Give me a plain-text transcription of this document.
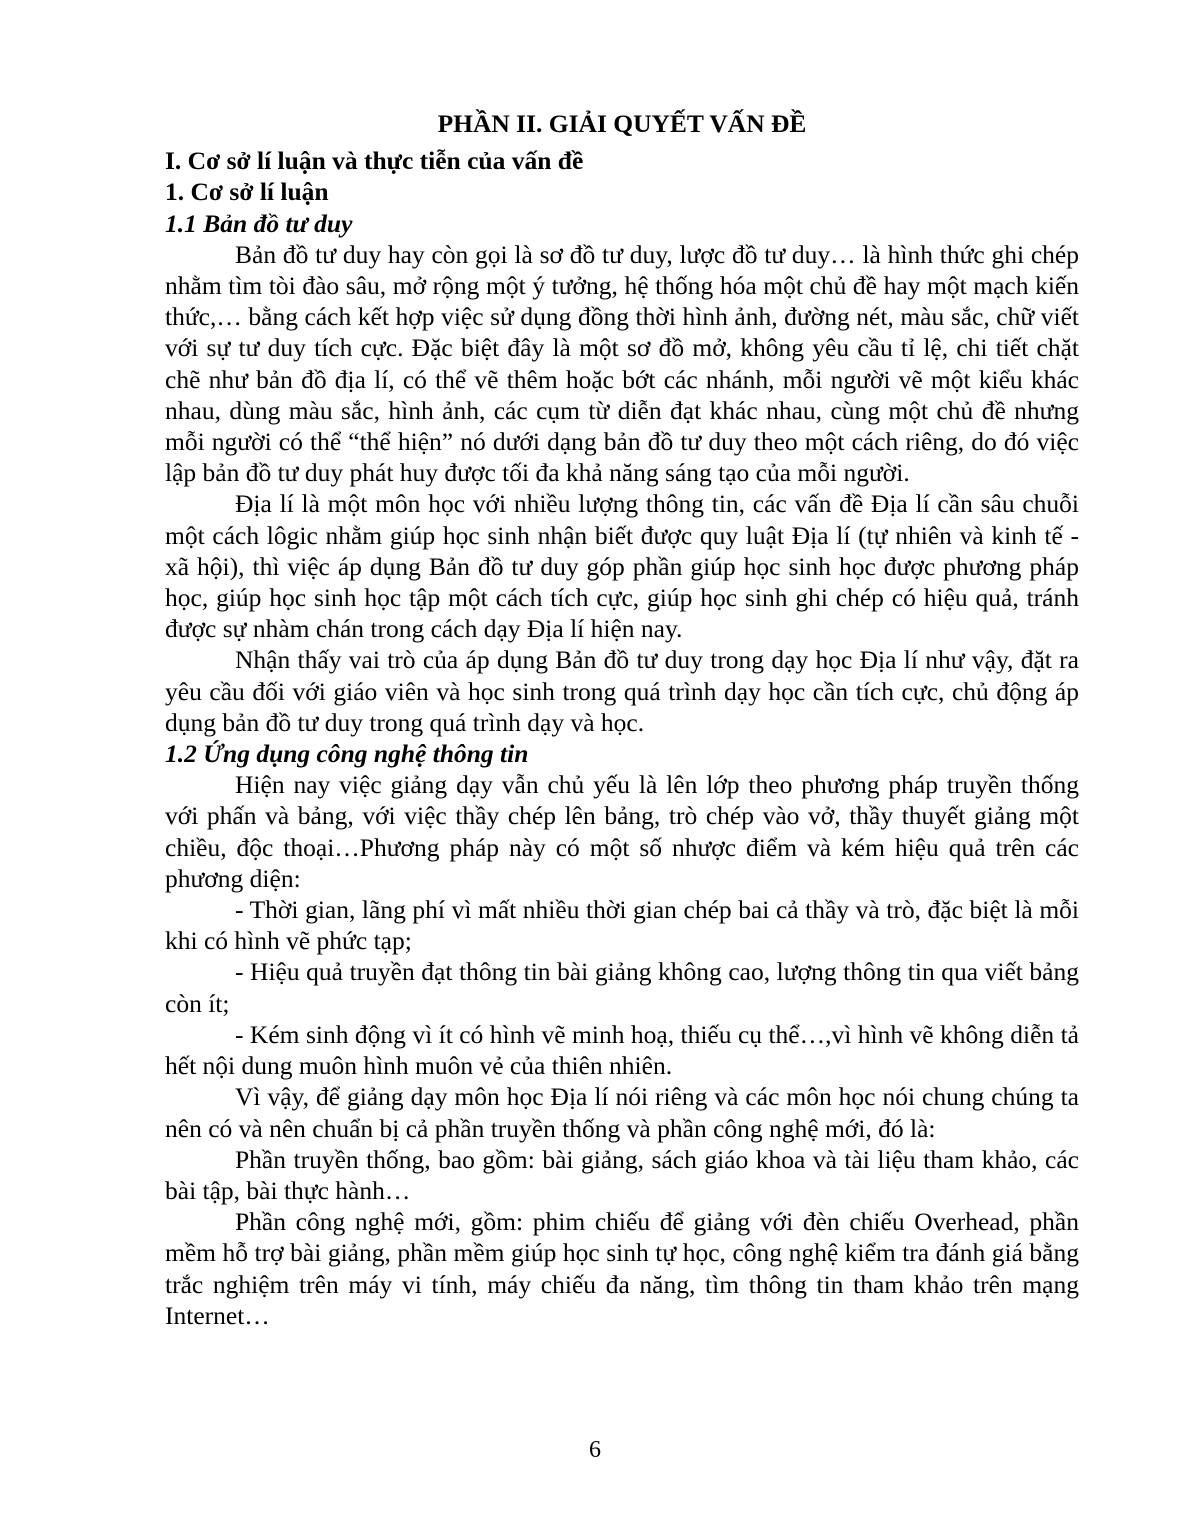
PHẦN II. GIẢI QUYẾT VẤN ĐỀ
I. Cơ sở lí luận và thực tiễn của vấn đề
1. Cơ sở lí luận
1.1 Bản đồ tư duy

Bản đồ tư duy hay còn gọi là sơ đồ tư duy, lược đồ tư duy… là hình thức ghi chép nhằm tìm tòi đào sâu, mở rộng một ý tưởng, hệ thống hóa một chủ đề hay một mạch kiến thức,… bằng cách kết hợp việc sử dụng đồng thời hình ảnh, đường nét, màu sắc, chữ viết với sự tư duy tích cực. Đặc biệt đây là một sơ đồ mở, không yêu cầu tỉ lệ, chi tiết chặt chẽ như bản đồ địa lí, có thể vẽ thêm hoặc bớt các nhánh, mỗi người vẽ một kiểu khác nhau, dùng màu sắc, hình ảnh, các cụm từ diễn đạt khác nhau, cùng một chủ đề nhưng mỗi người có thể “thể hiện” nó dưới dạng bản đồ tư duy theo một cách riêng, do đó việc lập bản đồ tư duy phát huy được tối đa khả năng sáng tạo của mỗi người.

Địa lí là một môn học với nhiều lượng thông tin, các vấn đề Địa lí cần sâu chuỗi một cách lôgic nhằm giúp học sinh nhận biết được quy luật Địa lí (tự nhiên và kinh tế - xã hội), thì việc áp dụng Bản đồ tư duy góp phần giúp học sinh học được phương pháp học, giúp học sinh học tập một cách tích cực, giúp học sinh ghi chép có hiệu quả, tránh được sự nhàm chán trong cách dạy Địa lí hiện nay.

Nhận thấy vai trò của áp dụng Bản đồ tư duy trong dạy học Địa lí như vậy, đặt ra yêu cầu đối với giáo viên và học sinh trong quá trình dạy học cần tích cực, chủ động áp dụng bản đồ tư duy trong quá trình dạy và học.

1.2 Ứng dụng công nghệ thông tin

Hiện nay việc giảng dạy vẫn chủ yếu là lên lớp theo phương pháp truyền thống với phấn và bảng, với việc thầy chép lên bảng, trò chép vào vở, thầy thuyết giảng một chiều, độc thoại…Phương pháp này có một số nhược điểm và kém hiệu quả trên các phương diện:

- Thời gian, lãng phí vì mất nhiều thời gian chép bai cả thầy và trò, đặc biệt là mỗi khi có hình vẽ phức tạp;

- Hiệu quả truyền đạt thông tin bài giảng không cao, lượng thông tin qua viết bảng còn ít;

- Kém sinh động vì ít có hình vẽ minh hoạ, thiếu cụ thể…,vì hình vẽ không diễn tả hết nội dung muôn hình muôn vẻ của thiên nhiên.

Vì vậy, để giảng dạy môn học Địa lí nói riêng và các môn học nói chung chúng ta nên có và nên chuẩn bị cả phần truyền thống và phần công nghệ mới, đó là:

Phần truyền thống, bao gồm: bài giảng, sách giáo khoa và tài liệu tham khảo, các bài tập, bài thực hành…

Phần công nghệ mới, gồm: phim chiếu để giảng với đèn chiếu Overhead, phần mềm hỗ trợ bài giảng, phần mềm giúp học sinh tự học, công nghệ kiểm tra đánh giá bằng trắc nghiệm trên máy vi tính, máy chiếu đa năng, tìm thông tin tham khảo trên mạng Internet…

6
